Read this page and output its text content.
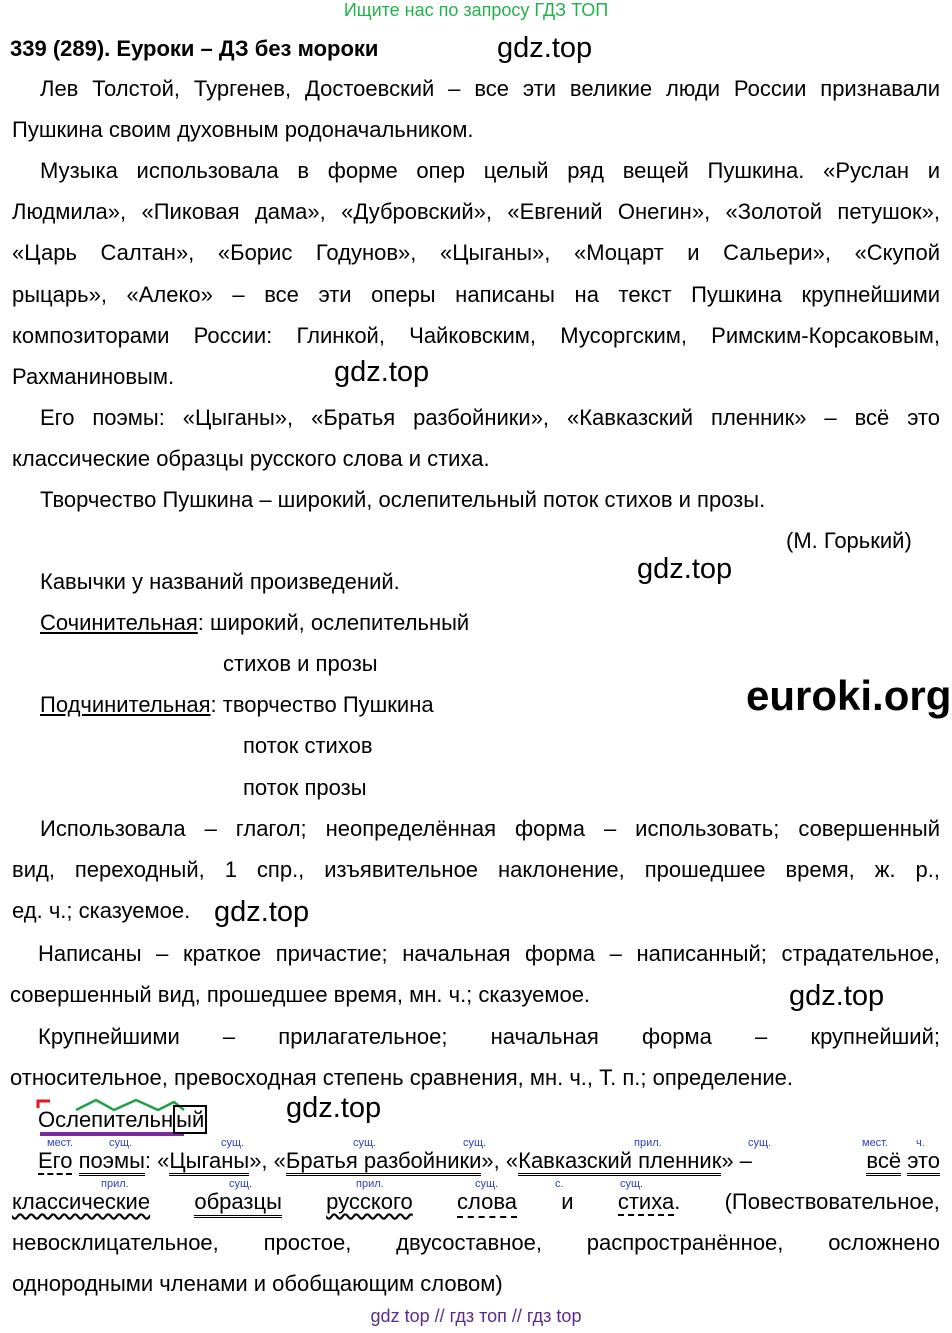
Ищите нас по запросу ГДЗ ТОП
339 (289). Еуроки – ДЗ без мороки	gdz.top
gdz.top
gdz.top
gdz.top
gdz.top
gdz.top
euroki.org
Лев Толстой, Тургенев, Достоевский – все эти великие люди России признавали
Пушкина своим духовным родоначальником.
Музыка использовала в форме опер целый ряд вещей Пушкина. «Руслан и
Людмила», «Пиковая дама», «Дубровский», «Евгений Онегин», «Золотой петушок»,
«Царь Салтан», «Борис Годунов», «Цыганы», «Моцарт и Сальери», «Скупой
рыцарь», «Алеко» – все эти оперы написаны на текст Пушкина крупнейшими
композиторами России: Глинкой, Чайковским, Мусоргским, Римским-Корсаковым,
Рахманиновым.
Его поэмы: «Цыганы», «Братья разбойники», «Кавказский пленник» – всё это
классические образцы русского слова и стиха.
Творчество Пушкина – широкий, ослепительный поток стихов и прозы.
(М. Горький)
Кавычки у названий произведений.
Сочинительная: широкий, ослепительный
стихов и прозы
Подчинительная: творчество Пушкина
поток стихов
поток прозы
Использовала – глагол; неопределённая форма – использовать; совершенный
вид, переходный, 1 спр., изъявительное наклонение, прошедшее время, ж. р.,
ед. ч.; сказуемое.
Написаны – краткое причастие; начальная форма – написанный; страдательное,
совершенный вид, прошедшее время, мн. ч.; сказуемое.
Крупнейшими – прилагательное; начальная форма – крупнейший;
относительное, превосходная степень сравнения, мн. ч., Т. п.; определение.
Ослепительн ый
мест.	сущ.	сущ.	сущ.	сущ.	прил.	сущ.	мест.	ч.
Его поэмы: «Цыганы», «Братья разбойники», «Кавказский пленник» –	всё это
прил.	сущ.	прил.	сущ.	с.	сущ.
классические образцы русского слова и стиха. (Повествовательное,
невосклицательное, простое, двусоставное, распространённое, осложнено
однородными членами и обобщающим словом)
gdz top // гдз топ // гдз top
